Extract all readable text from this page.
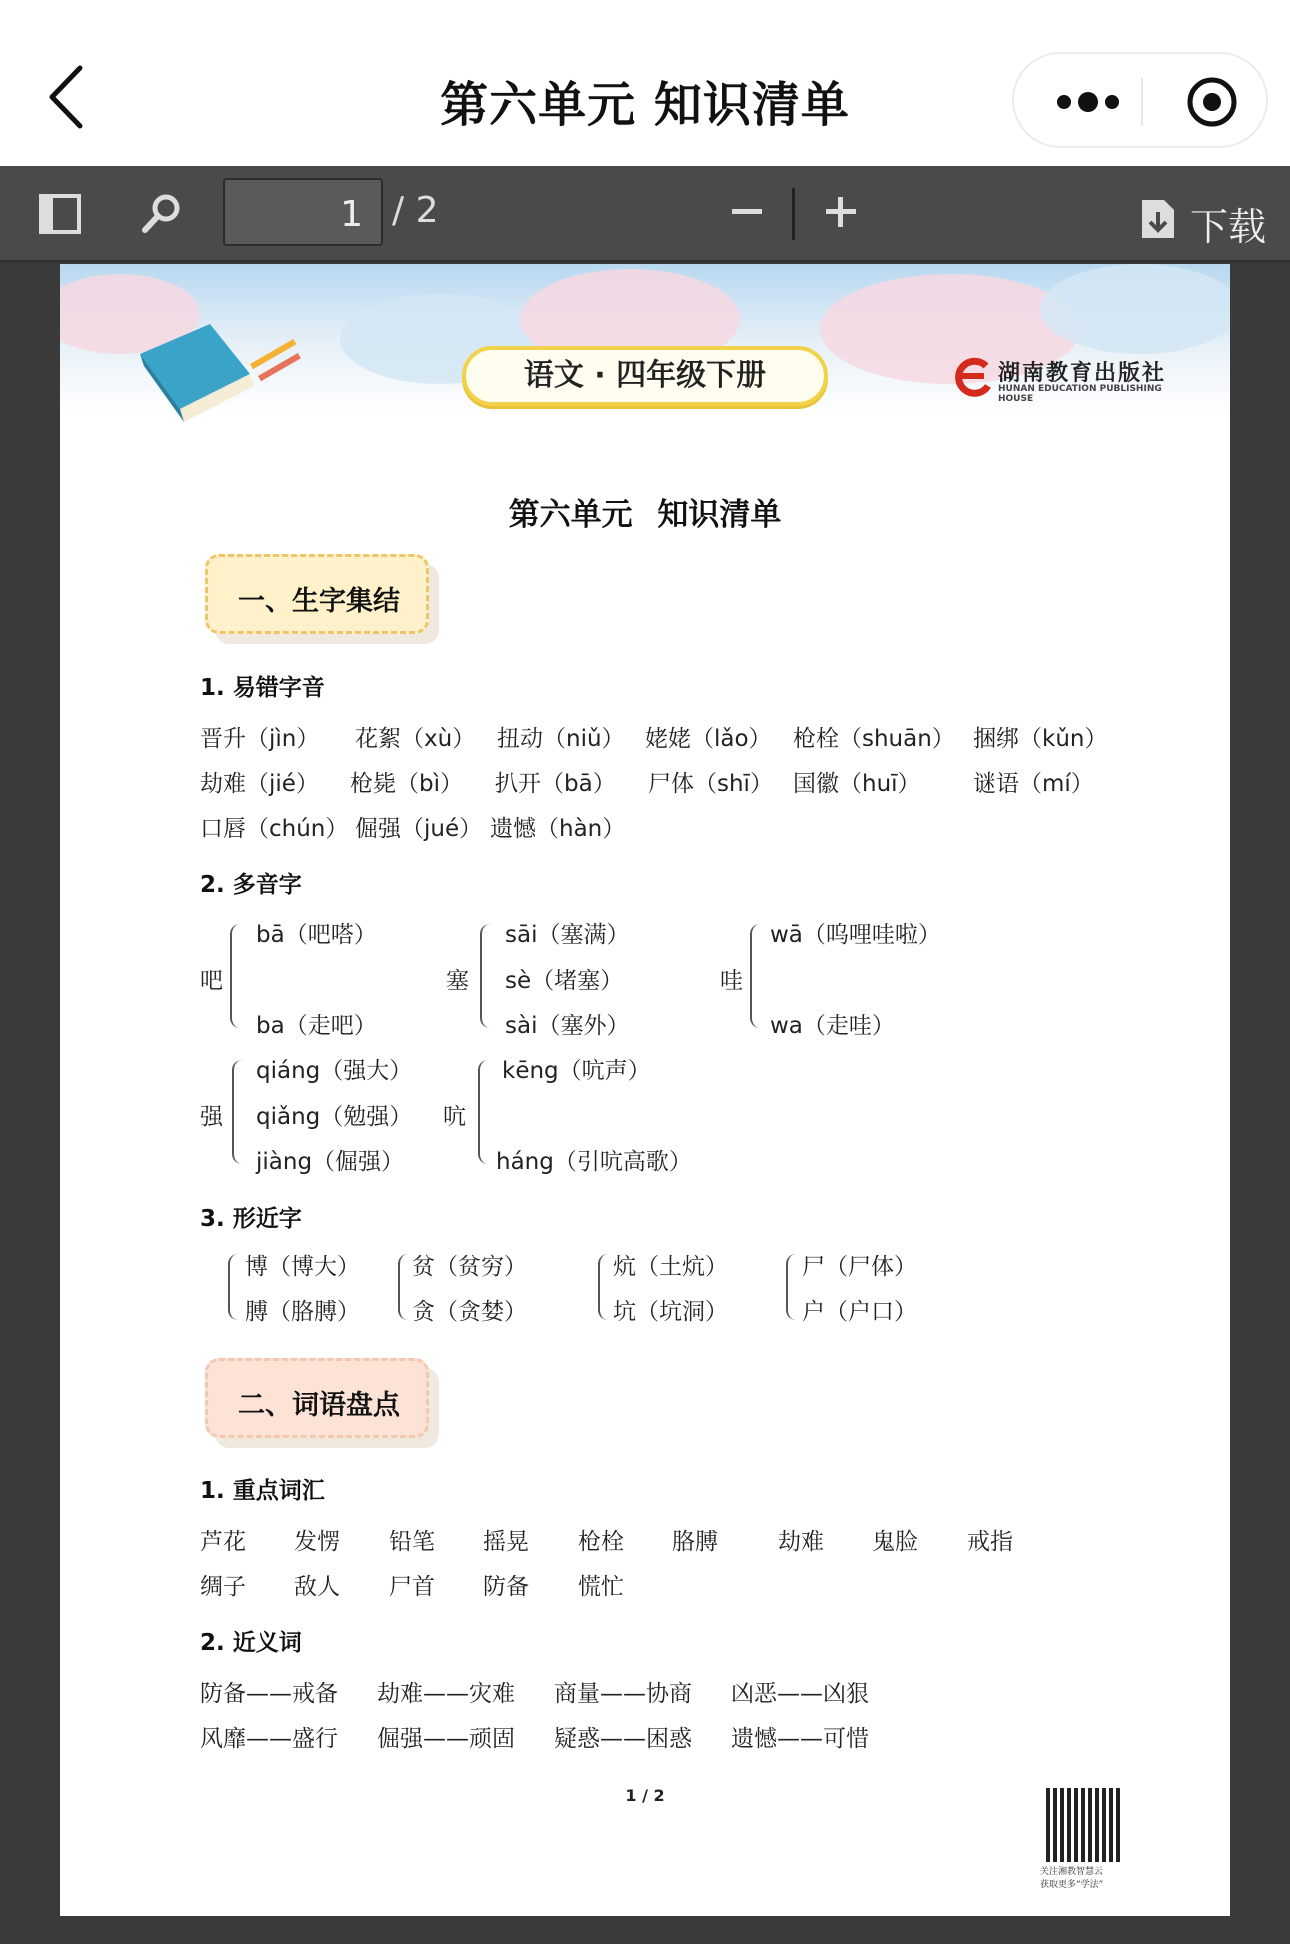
第六单元 知识清单
1 / 2	下载
语文 · 四年级下册	湖南教育出版社
HUNAN EDUCATION PUBLISHING HOUSE
第六单元 知识清单
一、生字集结
1. 易错字音
晋升（jìn） 花絮（xù） 扭动（niǔ） 姥姥（lǎo） 枪栓（shuān） 捆绑（kǔn）
劫难（jié） 枪毙（bì） 扒开（bā） 尸体（shī） 国徽（huī） 谜语（mí）
口唇（chún） 倔强（jué） 遗憾（hàn）
2. 多音字
吧
bā（吧嗒）
ba（走吧）
塞
sāi（塞满）
sè（堵塞）
sài（塞外）
哇
wā（呜哩哇啦）
wa（走哇）
强
qiáng（强大）
qiǎng（勉强）
jiàng（倔强）
吭
kēng（吭声）
háng（引吭高歌）
3. 形近字
博（博大）
膊（胳膊）
贫（贫穷）
贪（贪婪）
炕（土炕）
坑（坑洞）
尸（尸体）
户（户口）
二、词语盘点
1. 重点词汇
芦花 发愣 铅笔 摇晃 枪栓 胳膊	劫难 鬼脸 戒指
绸子 敌人 尸首 防备 慌忙
2. 近义词
防备——戒备 劫难——灾难 商量——协商 凶恶——凶狠
风靡——盛行 倔强——顽固 疑惑——困惑 遗憾——可惜
1 / 2
关注湘教智慧云
获取更多“学法”
